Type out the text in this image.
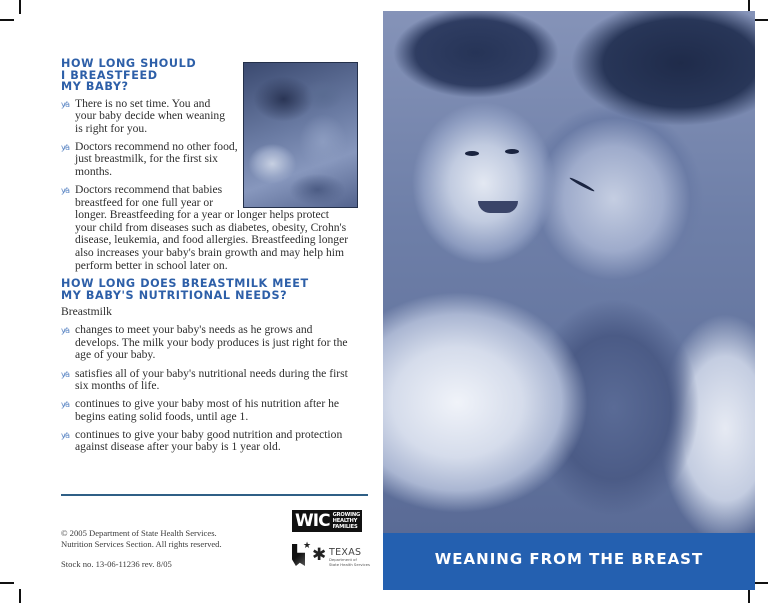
HOW LONG SHOULD
I BREASTFEED
MY BABY?
y⁄a There is no set time. You and your baby decide when weaning is right for you.
y⁄a Doctors recommend no other food, just breastmilk, for the first six months.
y⁄a Doctors recommend that babies breastfeed for one full year or longer. Breastfeeding for a year or longer helps protect your child from diseases such as diabetes, obesity, Crohn's disease, leukemia, and food allergies. Breastfeeding longer also increases your baby's brain growth and may help him perform better in school later on.
HOW LONG DOES BREASTMILK MEET
MY BABY'S NUTRITIONAL NEEDS?

Breastmilk

y⁄a changes to meet your baby's needs as he grows and develops. The milk your body produces is just right for the age of your baby.
y⁄a satisfies all of your baby's nutritional needs during the first six months of life.
y⁄a continues to give your baby most of his nutrition after he begins eating solid foods, until age 1.
y⁄a continues to give your baby good nutrition and protection against disease after your baby is 1 year old.
© 2005 Department of State Health Services.
Nutrition Services Section. All rights reserved.
Stock no. 13-06-11236 rev. 8/05
WIC GROWING
HEALTHY
FAMILIES
★ ✱ TEXAS
Department of
State Health Services	WEANING FROM THE BREAST
